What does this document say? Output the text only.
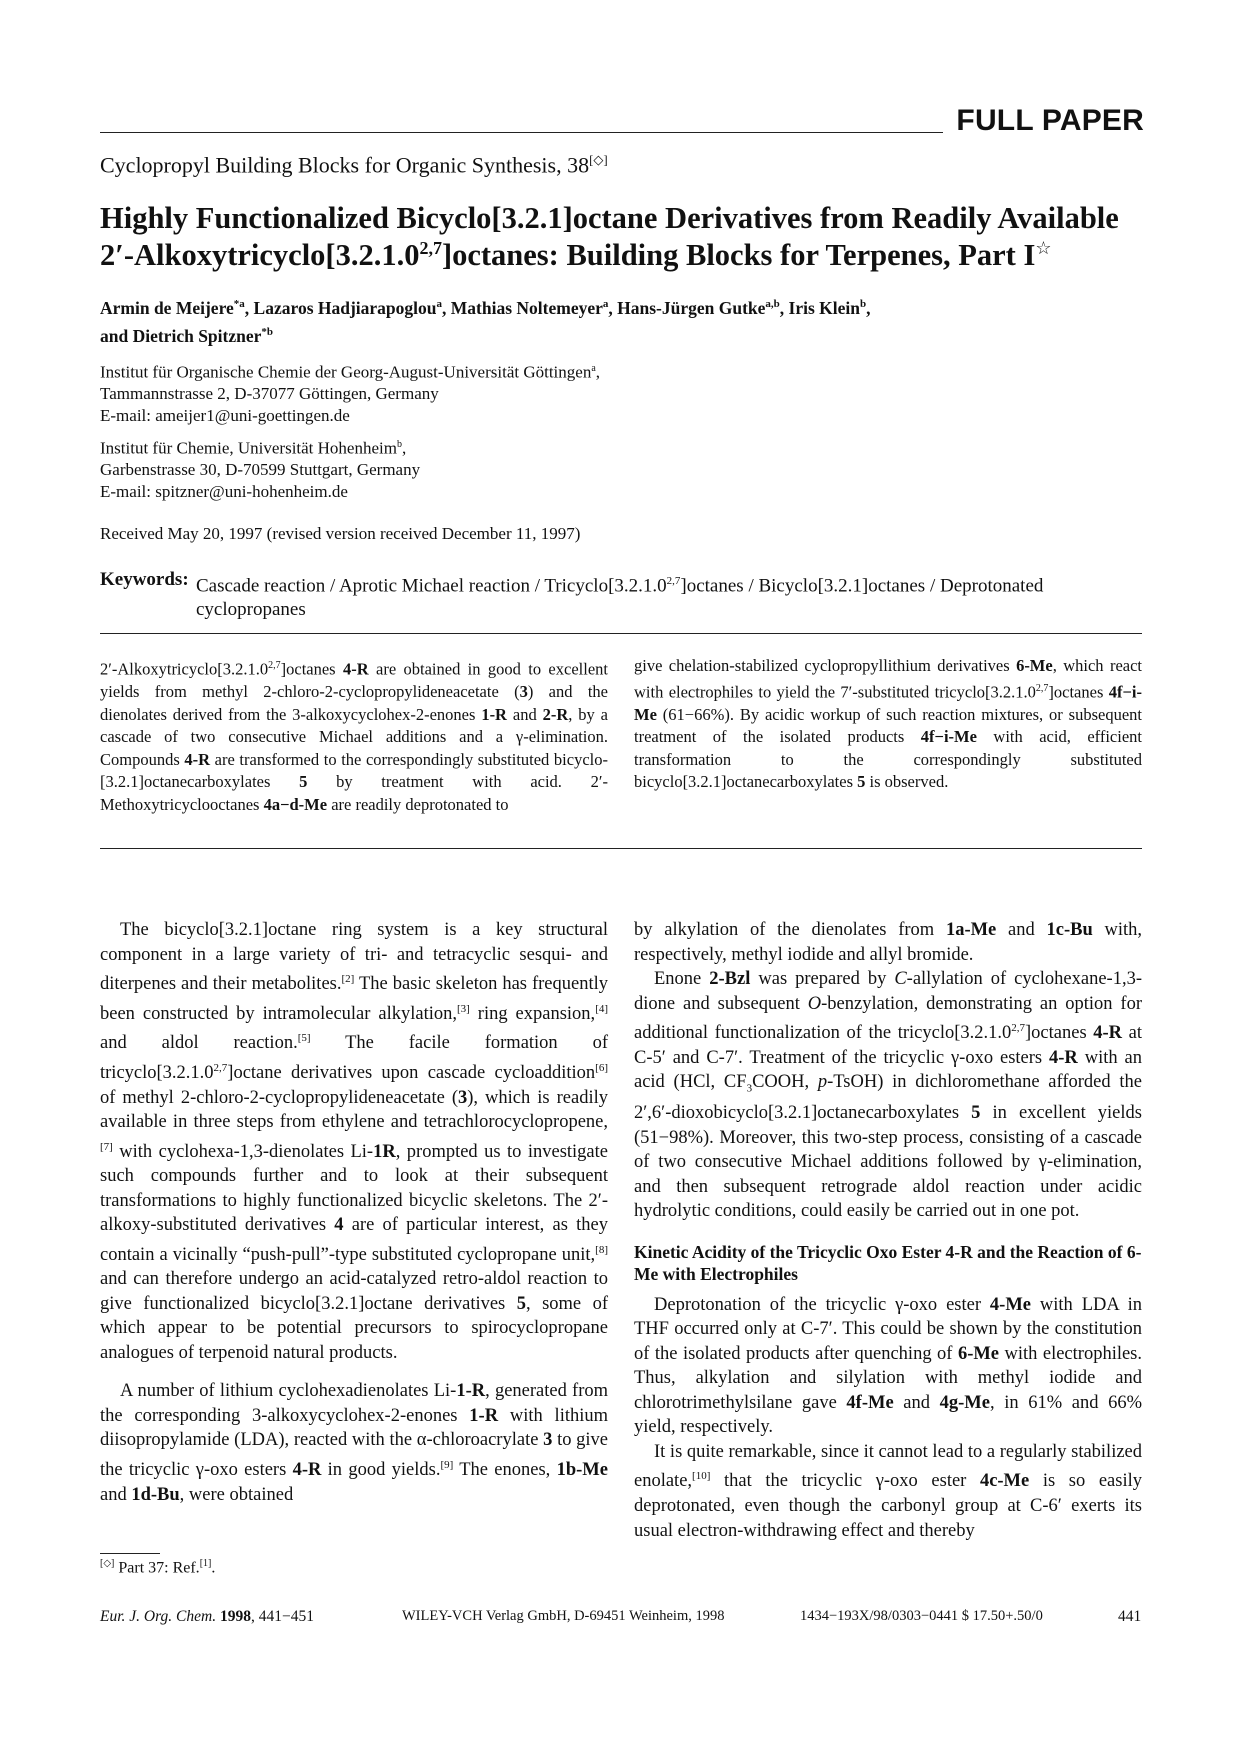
FULL PAPER
Cyclopropyl Building Blocks for Organic Synthesis, 38[◇]
Highly Functionalized Bicyclo[3.2.1]octane Derivatives from Readily Available
2′-Alkoxytricyclo[3.2.1.0$^{2,7}$]octanes: Building Blocks for Terpenes, Part I☆
Armin de Meijere$^{*a}$, Lazaros Hadjiarapoglou$^a$, Mathias Noltemeyer$^a$, Hans-Jürgen Gutke$^{a,b}$, Iris Klein$^b$,
and Dietrich Spitzner$^{*b}$
Institut für Organische Chemie der Georg-August-Universität Göttingen$^a$,
Tammannstrasse 2, D-37077 Göttingen, Germany
E-mail: ameijer1@uni-goettingen.de
Institut für Chemie, Universität Hohenheim$^b$,
Garbenstrasse 30, D-70599 Stuttgart, Germany
E-mail: spitzner@uni-hohenheim.de
Received May 20, 1997 (revised version received December 11, 1997)
Keywords: Cascade reaction / Aprotic Michael reaction / Tricyclo[3.2.1.0$^{2,7}$]octanes / Bicyclo[3.2.1]octanes / Deprotonated cyclopropanes
2′-Alkoxytricyclo[3.2.1.0$^{2,7}$]octanes 4-R are obtained in good to excellent yields from methyl 2-chloro-2-cyclopropylideneacetate (3) and the dienolates derived from the 3-alkoxycyclohex-2-enones 1-R and 2-R, by a cascade of two consecutive Michael additions and a γ-elimination. Compounds 4-R are transformed to the correspondingly substituted bicyclo-[3.2.1]octanecarboxylates 5 by treatment with acid. 2′-Methoxytricyclooctanes 4a−d-Me are readily deprotonated to
give chelation-stabilized cyclopropyllithium derivatives 6-Me, which react with electrophiles to yield the 7′-substituted tricyclo[3.2.1.0$^{2,7}$]octanes 4f−i-Me (61−66%). By acidic workup of such reaction mixtures, or subsequent treatment of the isolated products 4f−i-Me with acid, efficient transformation to the correspondingly substituted bicyclo[3.2.1]octanecarboxylates 5 is observed.

The bicyclo[3.2.1]octane ring system is a key structural component in a large variety of tri- and tetracyclic sesqui- and diterpenes and their metabolites.[2] The basic skeleton has frequently been constructed by intramolecular alkylation,[3] ring expansion,[4] and aldol reaction.[5] The facile formation of tricyclo[3.2.1.0$^{2,7}$]octane derivatives upon cascade cycloaddition[6] of methyl 2-chloro-2-cyclopropylideneacetate (3), which is readily available in three steps from ethylene and tetrachlorocyclopropene,[7] with cyclohexa-1,3-dienolates Li-1R, prompted us to investigate such compounds further and to look at their subsequent transformations to highly functionalized bicyclic skeletons. The 2′-alkoxy-substituted derivatives 4 are of particular interest, as they contain a vicinally “push-pull”-type substituted cyclopropane unit,[8] and can therefore undergo an acid-catalyzed retro-aldol reaction to give functionalized bicyclo[3.2.1]octane derivatives 5, some of which appear to be potential precursors to spirocyclopropane analogues of terpenoid natural products.

A number of lithium cyclohexadienolates Li-1-R, generated from the corresponding 3-alkoxycyclohex-2-enones 1-R with lithium diisopropylamide (LDA), reacted with the α-chloroacrylate 3 to give the tricyclic γ-oxo esters 4-R in good yields.[9] The enones, 1b-Me and 1d-Bu, were obtained

by alkylation of the dienolates from 1a-Me and 1c-Bu with, respectively, methyl iodide and allyl bromide.

Enone 2-Bzl was prepared by C-allylation of cyclohexane-1,3-dione and subsequent O-benzylation, demonstrating an option for additional functionalization of the tricyclo[3.2.1.0$^{2,7}$]octanes 4-R at C-5′ and C-7′. Treatment of the tricyclic γ-oxo esters 4-R with an acid (HCl, $CF_3COOH$, p-TsOH) in dichloromethane afforded the 2′,6′-dioxobicyclo[3.2.1]octanecarboxylates 5 in excellent yields (51−98%). Moreover, this two-step process, consisting of a cascade of two consecutive Michael additions followed by γ-elimination, and then subsequent retrograde aldol reaction under acidic hydrolytic conditions, could easily be carried out in one pot.

Kinetic Acidity of the Tricyclic Oxo Ester 4-R and the Reaction of 6-Me with Electrophiles

Deprotonation of the tricyclic γ-oxo ester 4-Me with LDA in THF occurred only at C-7′. This could be shown by the constitution of the isolated products after quenching of 6-Me with electrophiles. Thus, alkylation and silylation with methyl iodide and chlorotrimethylsilane gave 4f-Me and 4g-Me, in 61% and 66% yield, respectively.

It is quite remarkable, since it cannot lead to a regularly stabilized enolate,[10] that the tricyclic γ-oxo ester 4c-Me is so easily deprotonated, even though the carbonyl group at C-6′ exerts its usual electron-withdrawing effect and thereby

[◇] Part 37: Ref.[1].
Eur. J. Org. Chem. 1998, 441−451	WILEY-VCH Verlag GmbH, D-69451 Weinheim, 1998	1434−193X/98/0303−0441 $ 17.50+.50/0	441
